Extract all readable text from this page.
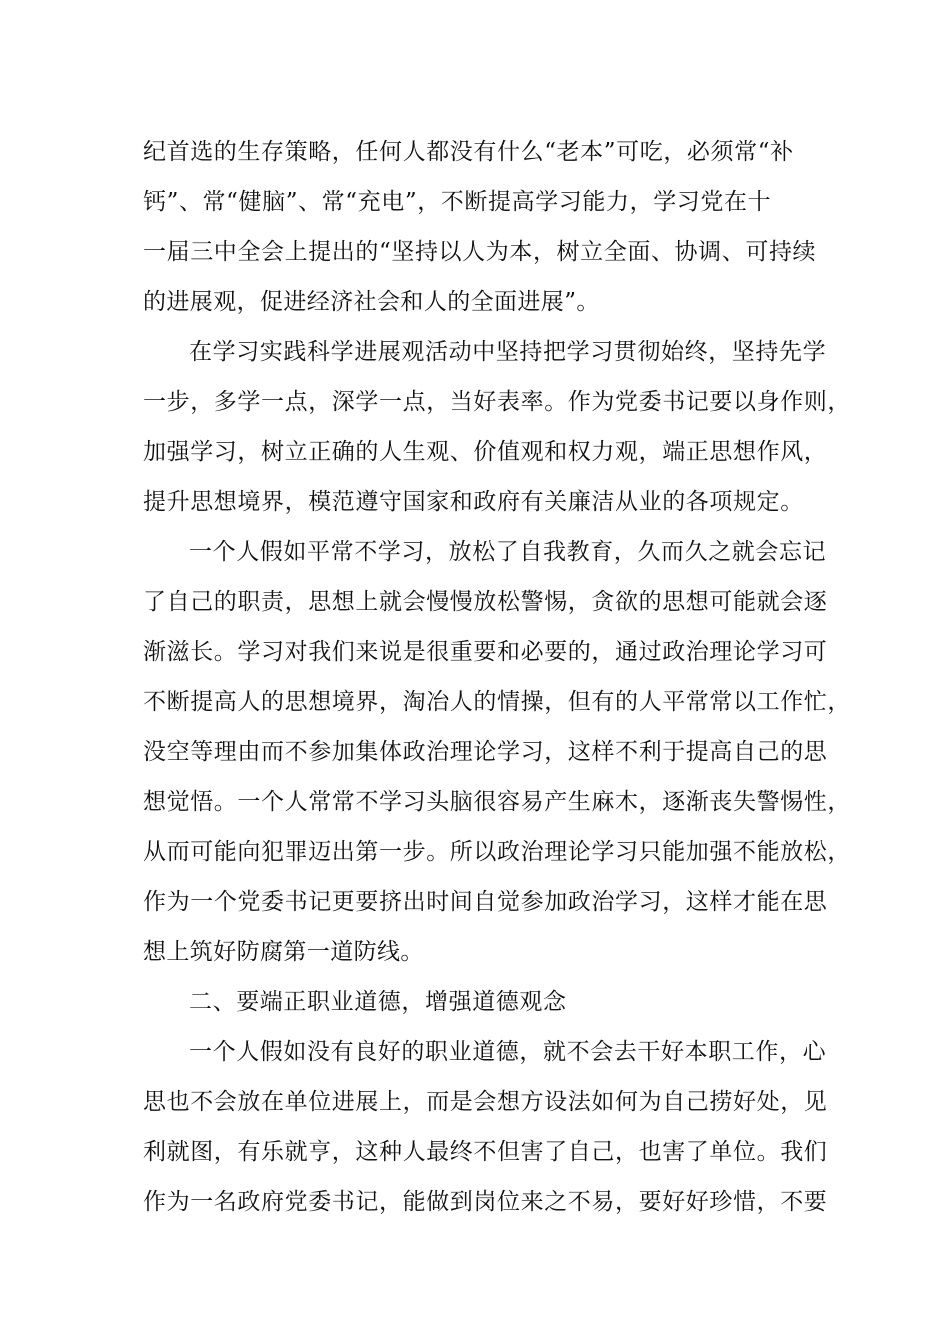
纪首选的生存策略，任何人都没有什么“老本”可吃，必须常“补
钙”、常“健脑”、常“充电”，不断提高学习能力，学习党在十
一届三中全会上提出的“坚持以人为本，树立全面、协调、可持续
的进展观，促进经济社会和人的全面进展”。
在学习实践科学进展观活动中坚持把学习贯彻始终，坚持先学
一步，多学一点，深学一点，当好表率。作为党委书记要以身作则，
加强学习，树立正确的人生观、价值观和权力观，端正思想作风，
提升思想境界，模范遵守国家和政府有关廉洁从业的各项规定。
一个人假如平常不学习，放松了自我教育，久而久之就会忘记
了自己的职责，思想上就会慢慢放松警惕，贪欲的思想可能就会逐
渐滋长。学习对我们来说是很重要和必要的，通过政治理论学习可
不断提高人的思想境界，淘冶人的情操，但有的人平常常以工作忙，
没空等理由而不参加集体政治理论学习，这样不利于提高自己的思
想觉悟。一个人常常不学习头脑很容易产生麻木，逐渐丧失警惕性，
从而可能向犯罪迈出第一步。所以政治理论学习只能加强不能放松，
作为一个党委书记更要挤出时间自觉参加政治学习，这样才能在思
想上筑好防腐第一道防线。
二、要端正职业道德，增强道德观念
一个人假如没有良好的职业道德，就不会去干好本职工作，心
思也不会放在单位进展上，而是会想方设法如何为自己捞好处，见
利就图，有乐就亨，这种人最终不但害了自己，也害了单位。我们
作为一名政府党委书记，能做到岗位来之不易，要好好珍惜，不要
